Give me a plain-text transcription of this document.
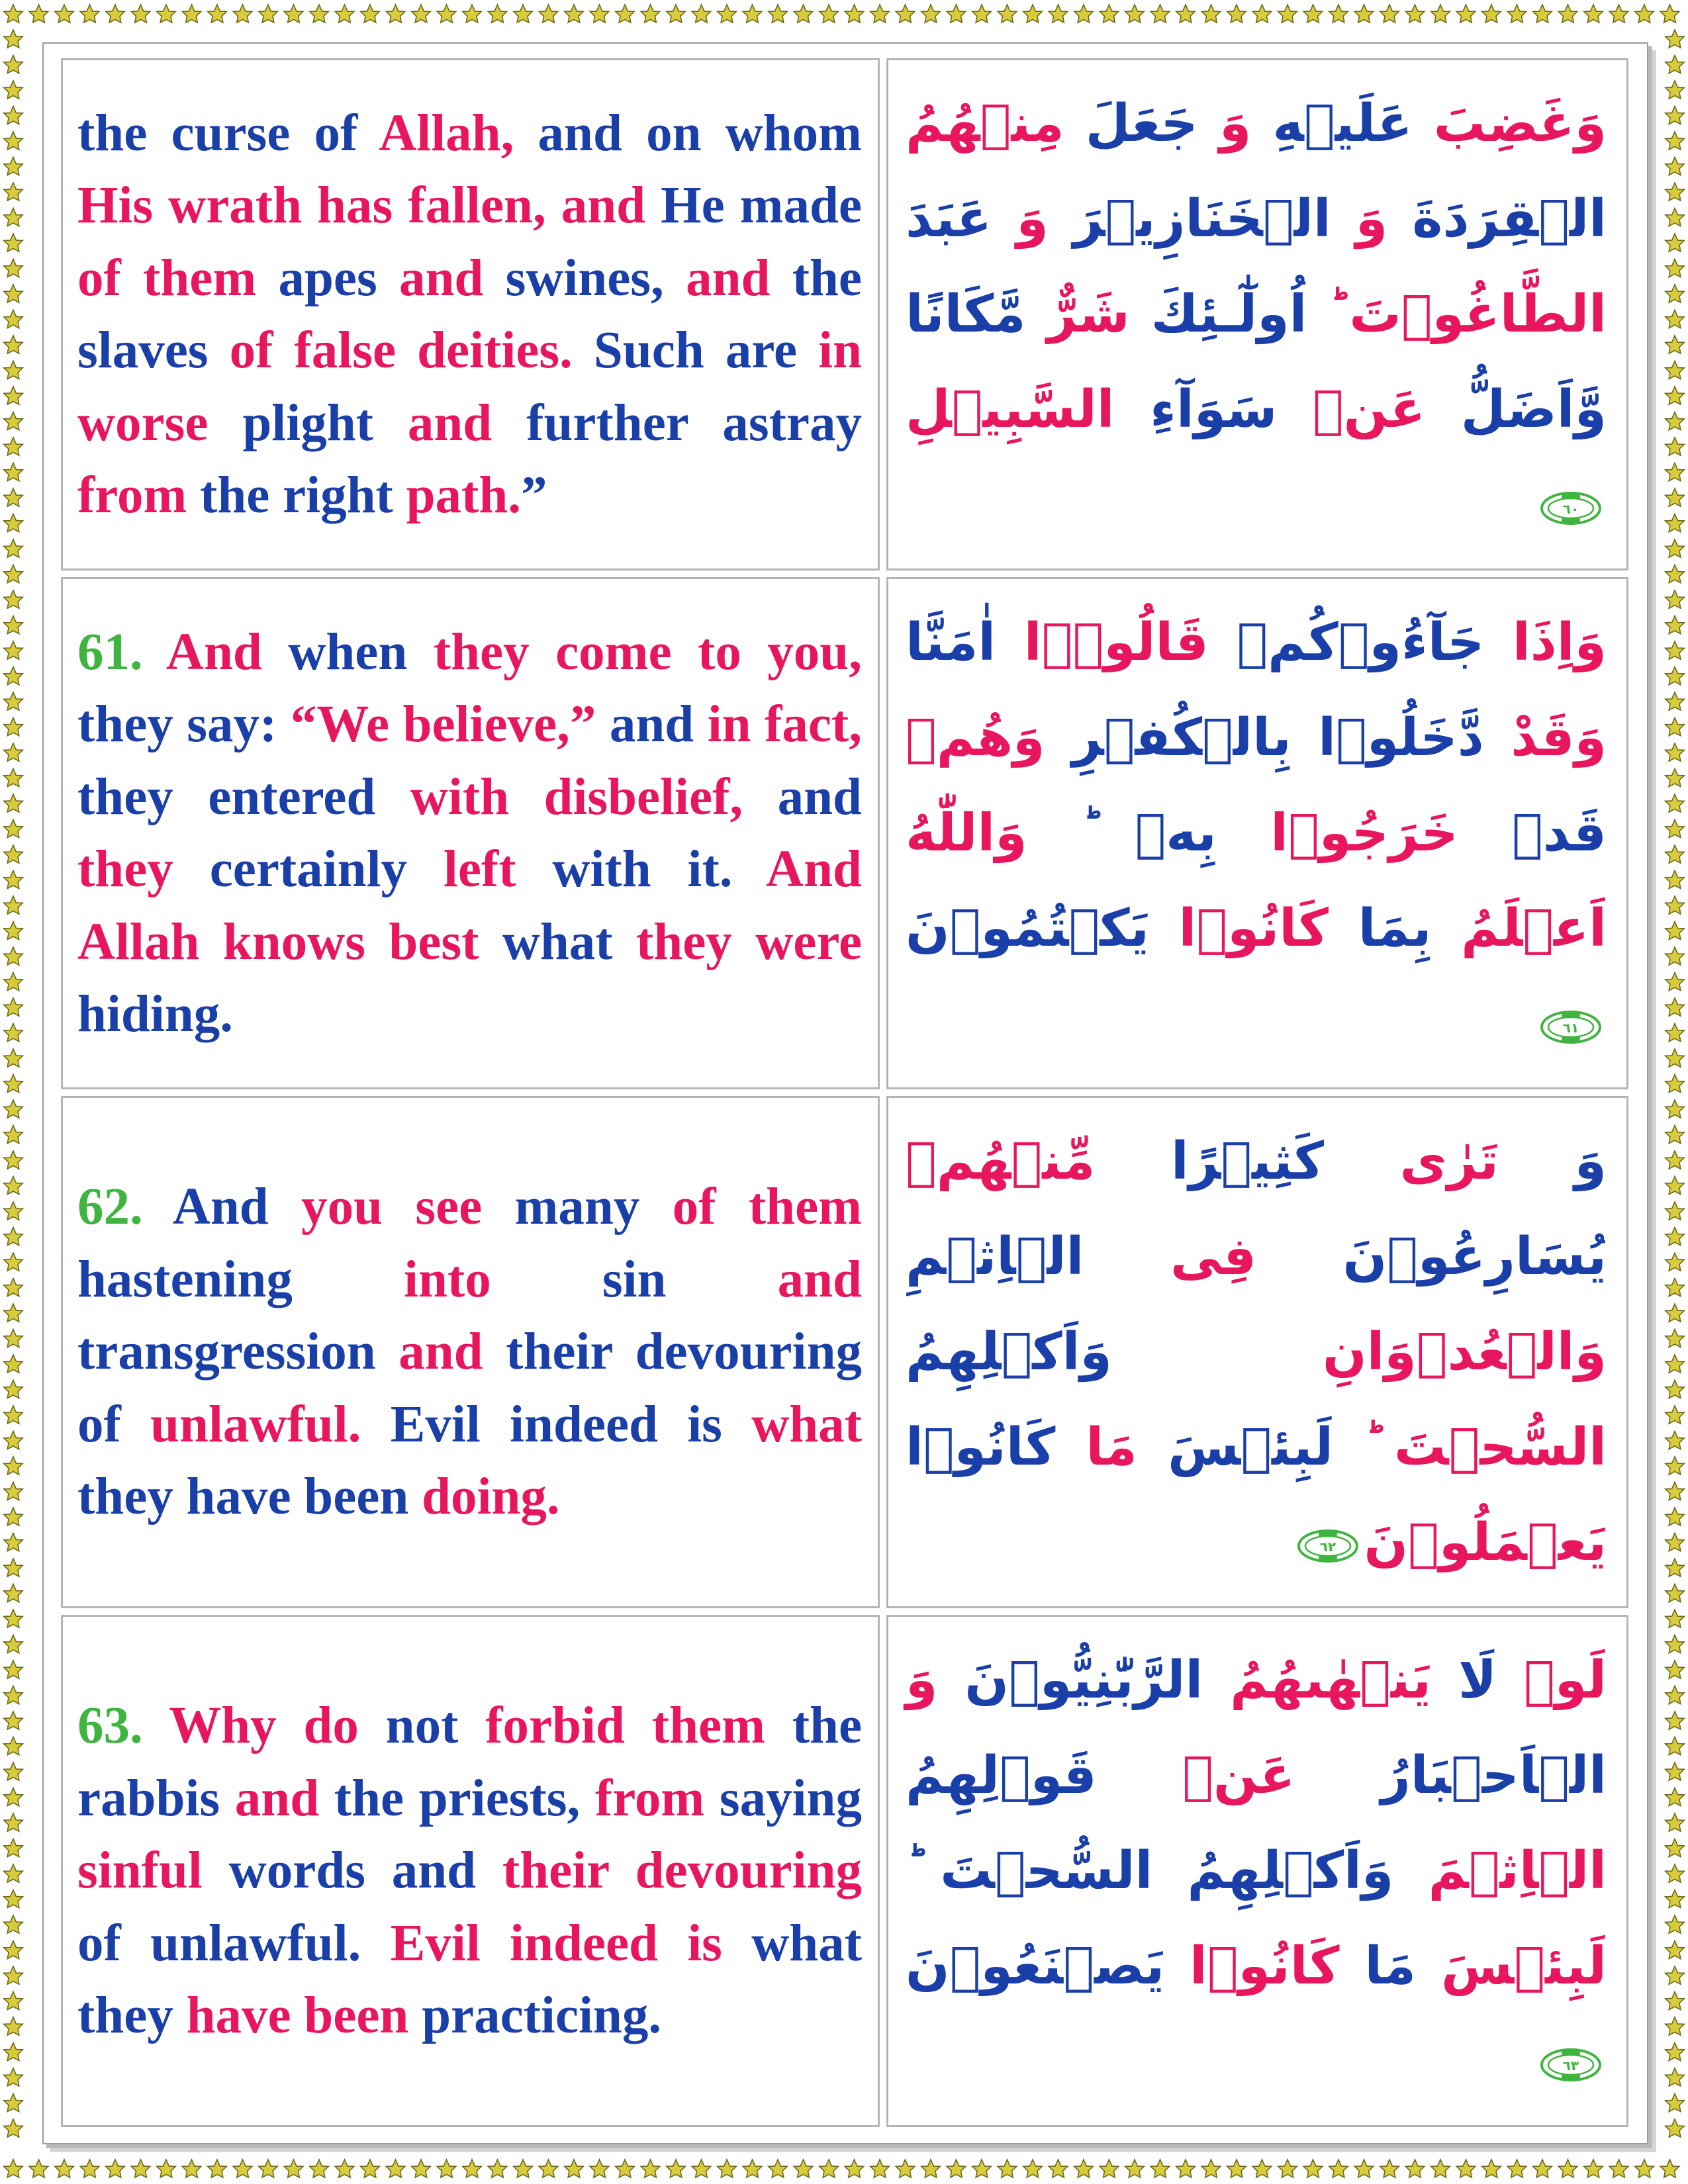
the curse of Allah, and on whom His wrath has fallen, and He made of them apes and swines, and the slaves of false deities. Such are in worse plight and further astray from the right path.”	وَغَضِبَ عَلَيۡهِ وَ جَعَلَ مِنۡهُمُ الۡقِرَدَةَ وَ الۡخَنَازِيۡرَ وَ عَبَدَ الطَّاغُوۡتَ ؕ اُولٰٓـئِكَ شَرٌّ مَّكَانًا وَّاَضَلُّ عَنۡ سَوَآءِ السَّبِيۡلِ
٦٠

61. And when they come to you, they say: “We believe,” and in fact, they entered with disbelief, and they certainly left with it. And Allah knows best what they were hiding.	وَاِذَا جَآءُوۡكُمۡ قَالُوۡۤا اٰمَنَّا وَقَدْ دَّخَلُوۡا بِالۡكُفۡرِ وَهُمۡ قَدۡ خَرَجُوۡا بِهٖ ؕ وَاللّٰهُ اَعۡلَمُ بِمَا كَانُوۡا يَكۡتُمُوۡنَ
٦١

62. And you see many of them hastening into sin and transgression and their devouring of unlawful. Evil indeed is what they have been doing.	وَ تَرٰى كَثِيۡرًا مِّنۡهُمۡ يُسَارِعُوۡنَ فِى الۡاِثۡمِ وَالۡعُدۡوَانِ وَاَكۡلِهِمُ السُّحۡتَ ؕ لَبِئۡسَ مَا كَانُوۡا يَعۡمَلُوۡنَ
٦٢

63. Why do not forbid them the rabbis and the priests, from saying sinful words and their devouring of unlawful. Evil indeed is what they have been practicing.	لَوۡ لَا يَنۡهٰٮهُمُ الرَّبّٰنِيُّوۡنَ وَ الۡاَحۡبَارُ عَنۡ قَوۡلِهِمُ الۡاِثۡمَ وَاَكۡلِهِمُ السُّحۡتَ ؕ لَبِئۡسَ مَا كَانُوۡا يَصۡنَعُوۡنَ
٦٣
